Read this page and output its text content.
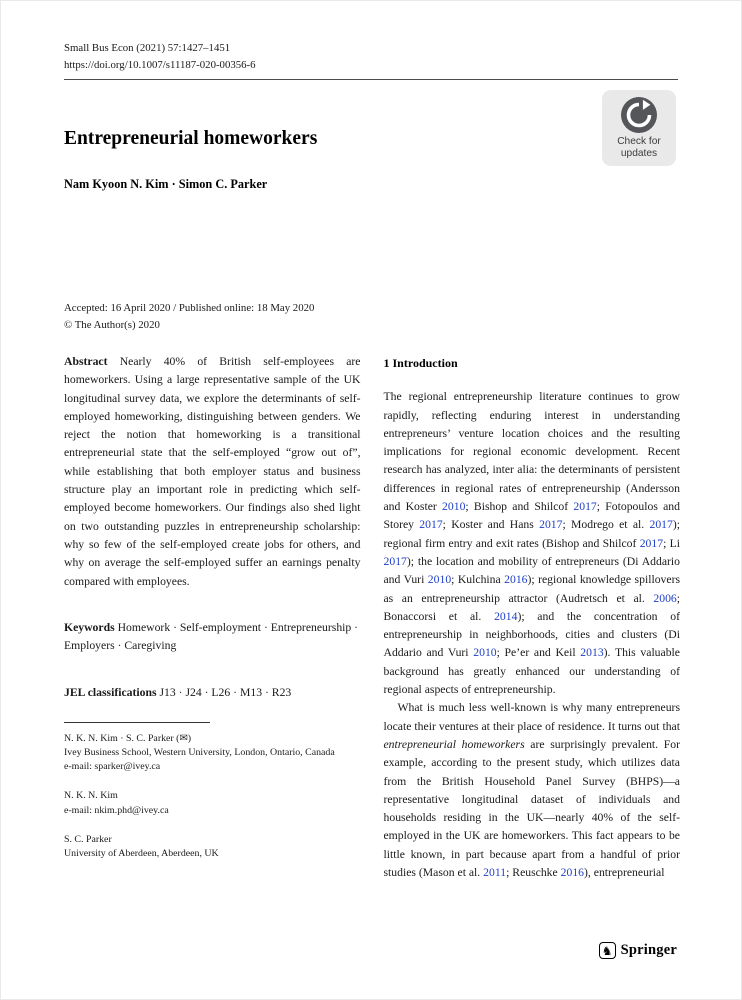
Small Bus Econ (2021) 57:1427–1451
https://doi.org/10.1007/s11187-020-00356-6
Check for
updates
Entrepreneurial homeworkers
Nam Kyoon N. Kim · Simon C. Parker
Accepted: 16 April 2020 / Published online: 18 May 2020
© The Author(s) 2020

Abstract Nearly 40% of British self-employees are homeworkers. Using a large representative sample of the UK longitudinal survey data, we explore the determinants of self-employed homeworking, distinguishing between genders. We reject the notion that homeworking is a transitional entrepreneurial state that the self-employed “grow out of”, while establishing that both employer status and business structure play an important role in predicting which self-employed become homeworkers. Our findings also shed light on two outstanding puzzles in entrepreneurship scholarship: why so few of the self-employed create jobs for others, and why on average the self-employed suffer an earnings penalty compared with employees.

Keywords Homework · Self-employment · Entrepreneurship · Employers · Caregiving

JEL classifications J13 · J24 · L26 · M13 · R23

N. K. N. Kim · S. C. Parker (✉)
Ivey Business School, Western University, London, Ontario, Canada
e-mail: sparker@ivey.ca
N. K. N. Kim
e-mail: nkim.phd@ivey.ca
S. C. Parker
University of Aberdeen, Aberdeen, UK
1 Introduction

The regional entrepreneurship literature continues to grow rapidly, reflecting enduring interest in understanding entrepreneurs’ venture location choices and the resulting implications for regional economic development. Recent research has analyzed, inter alia: the determinants of persistent differences in regional rates of entrepreneurship (Andersson and Koster 2010; Bishop and Shilcof 2017; Fotopoulos and Storey 2017; Koster and Hans 2017; Modrego et al. 2017); regional firm entry and exit rates (Bishop and Shilcof 2017; Li 2017); the location and mobility of entrepreneurs (Di Addario and Vuri 2010; Kulchina 2016); regional knowledge spillovers as an entrepreneurship attractor (Audretsch et al. 2006; Bonaccorsi et al. 2014); and the concentration of entrepreneurship in neighborhoods, cities and clusters (Di Addario and Vuri 2010; Pe’er and Keil 2013). This valuable background has greatly enhanced our understanding of regional aspects of entrepreneurship.

What is much less well-known is why many entrepreneurs locate their ventures at their place of residence. It turns out that entrepreneurial homeworkers are surprisingly prevalent. For example, according to the present study, which utilizes data from the British Household Panel Survey (BHPS)—a representative longitudinal dataset of individuals and households residing in the UK—nearly 40% of the self-employed in the UK are homeworkers. This fact appears to be little known, in part because apart from a handful of prior studies (Mason et al. 2011; Reuschke 2016), entrepreneurial

♞ Springer
